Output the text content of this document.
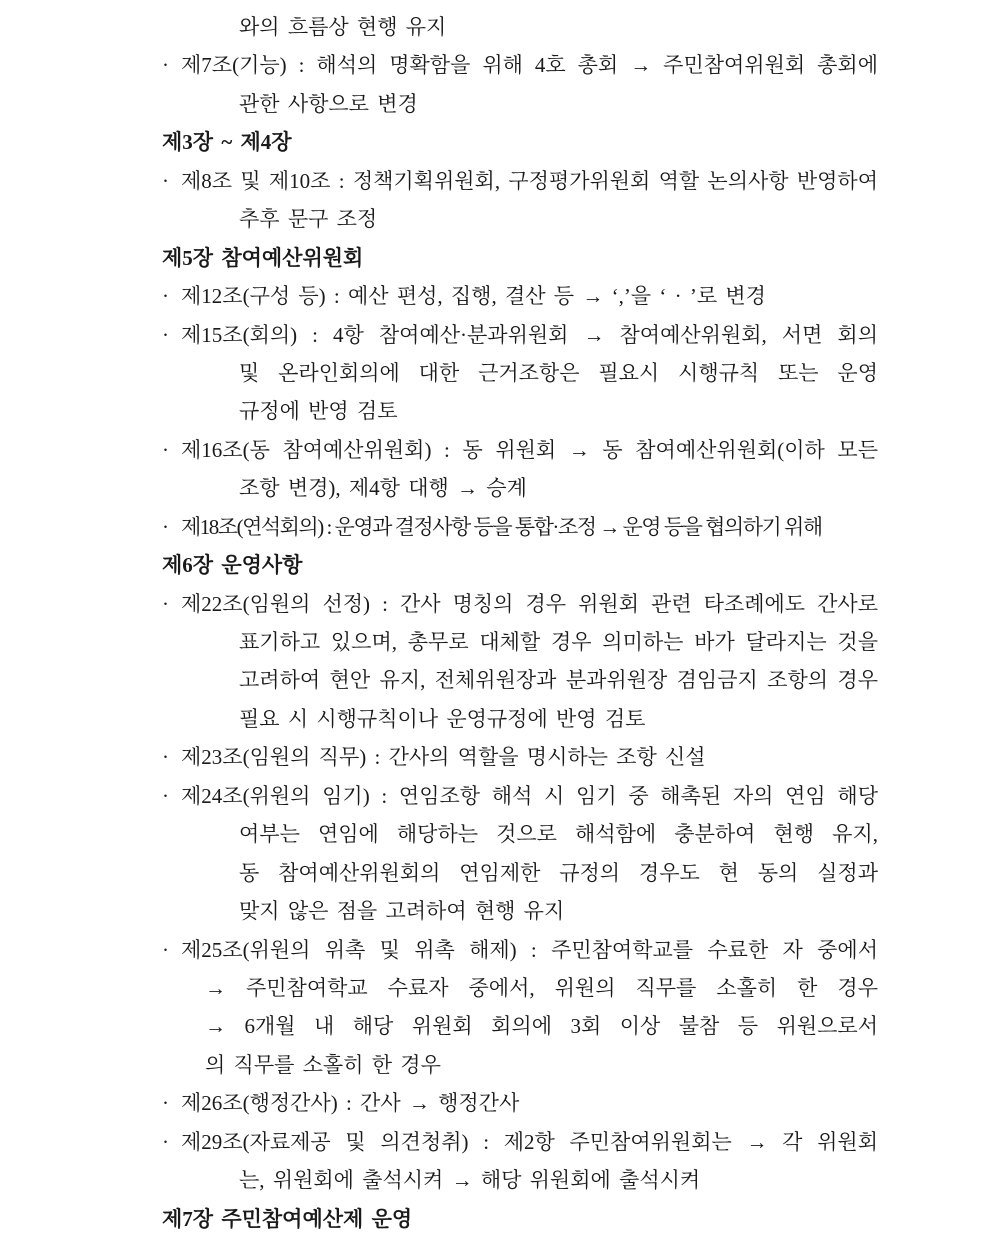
와의 흐름상 현행 유지
· 제7조(기능) : 해석의 명확함을 위해 4호 총회 → 주민참여위원회 총회에
관한 사항으로 변경
제3장 ~ 제4장
· 제8조 및 제10조 : 정책기획위원회, 구정평가위원회 역할 논의사항 반영하여
추후 문구 조정
제5장 참여예산위원회
· 제12조(구성 등) : 예산 편성, 집행, 결산 등 → ‘,’을 ‘ · ’로 변경
· 제15조(회의) : 4항 참여예산·분과위원회 → 참여예산위원회, 서면 회의
및 온라인회의에 대한 근거조항은 필요시 시행규칙 또는 운영
규정에 반영 검토
· 제16조(동 참여예산위원회) : 동 위원회 → 동 참여예산위원회(이하 모든
조항 변경), 제4항 대행 → 승계
· 제18조(연석회의) : 운영과 결정사항 등을 통합·조정 → 운영 등을 협의하기 위해
제6장 운영사항
· 제22조(임원의 선정) : 간사 명칭의 경우 위원회 관련 타조례에도 간사로
표기하고 있으며, 총무로 대체할 경우 의미하는 바가 달라지는 것을
고려하여 현안 유지, 전체위원장과 분과위원장 겸임금지 조항의 경우
필요 시 시행규칙이나 운영규정에 반영 검토
· 제23조(임원의 직무) : 간사의 역할을 명시하는 조항 신설
· 제24조(위원의 임기) : 연임조항 해석 시 임기 중 해촉된 자의 연임 해당
여부는 연임에 해당하는 것으로 해석함에 충분하여 현행 유지,
동 참여예산위원회의 연임제한 규정의 경우도 현 동의 실정과
맞지 않은 점을 고려하여 현행 유지
· 제25조(위원의 위촉 및 위촉 해제) : 주민참여학교를 수료한 자 중에서
→ 주민참여학교 수료자 중에서, 위원의 직무를 소홀히 한 경우
→ 6개월 내 해당 위원회 회의에 3회 이상 불참 등 위원으로서
의 직무를 소홀히 한 경우
· 제26조(행정간사) : 간사 → 행정간사
· 제29조(자료제공 및 의견청취) : 제2항 주민참여위원회는 → 각 위원회
는, 위원회에 출석시켜 → 해당 위원회에 출석시켜
제7장 주민참여예산제 운영
